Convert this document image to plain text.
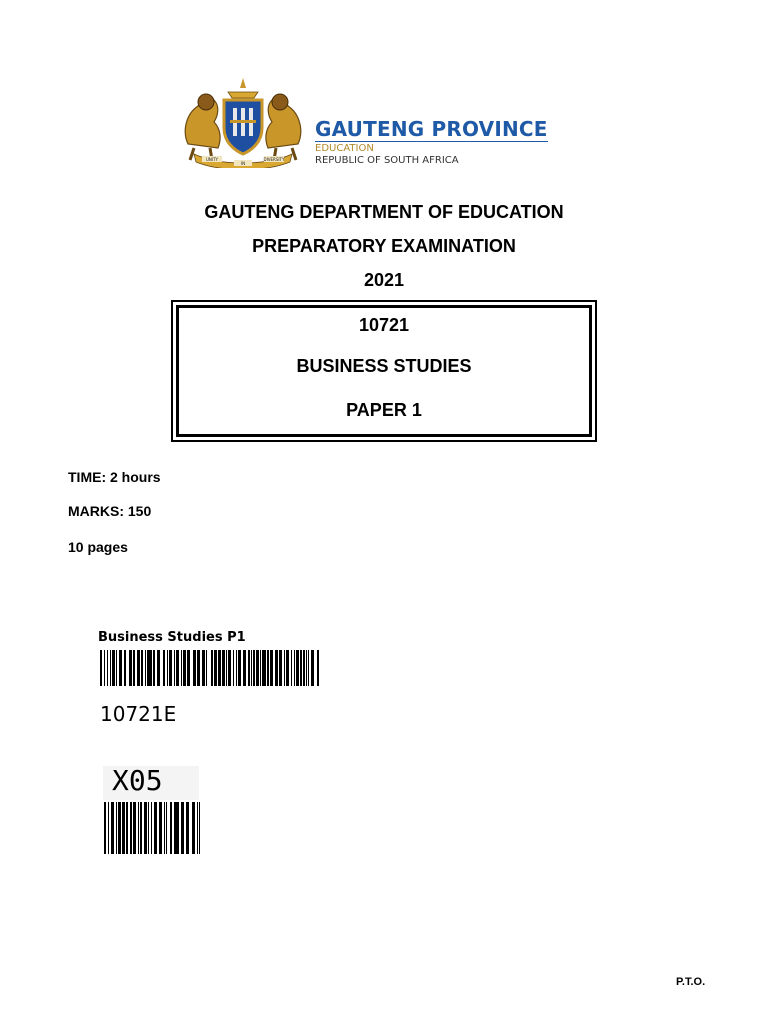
UNITY
IN
DIVERSITY
GAUTENG PROVINCE
EDUCATION
REPUBLIC OF SOUTH AFRICA
GAUTENG DEPARTMENT OF EDUCATION
PREPARATORY EXAMINATION
2021
10721
BUSINESS STUDIES
PAPER 1
TIME: 2 hours
MARKS: 150
10 pages
Business Studies P1
10721E
X05
P.T.O.
